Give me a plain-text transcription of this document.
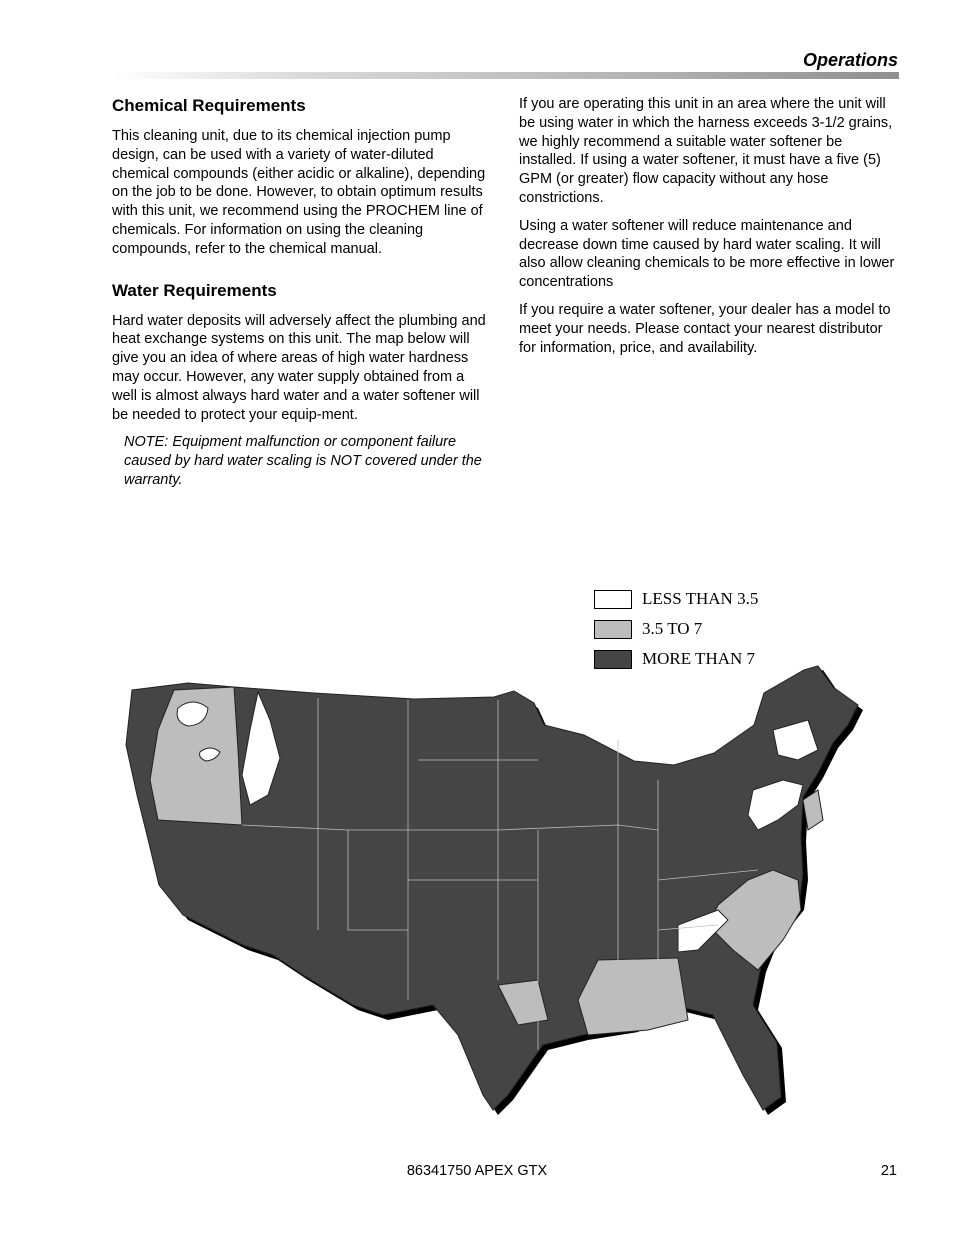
Operations
Chemical Requirements

This cleaning unit, due to its chemical injection pump design, can be used with a variety of water-diluted chemical compounds (either acidic or alkaline), depending on the job to be done. However, to obtain optimum results with this unit, we recommend using the PROCHEM line of chemicals. For information on using the cleaning compounds, refer to the chemical manual.

Water Requirements

Hard water deposits will adversely affect the plumbing and heat exchange systems on this unit. The map below will give you an idea of where areas of high water hardness may occur. However, any water supply obtained from a well is almost always hard water and a water softener will be needed to protect your equip-ment.

NOTE: Equipment malfunction or component failure caused by hard water scaling is NOT covered under the warranty.

If you are operating this unit in an area where the unit will be using water in which the harness exceeds 3-1/2 grains, we highly recommend a suitable water softener be installed. If using a water softener, it must have a five (5) GPM (or greater) flow capacity without any hose constrictions.

Using a water softener will reduce maintenance and decrease down time caused by hard water scaling. It will also allow cleaning chemicals to be more effective in lower concentrations

If you require a water softener, your dealer has a model to meet your needs. Please contact your nearest distributor for information, price, and availability.

LESS THAN 3.5
3.5 TO 7
MORE THAN 7
86341750 APEX GTX	21
